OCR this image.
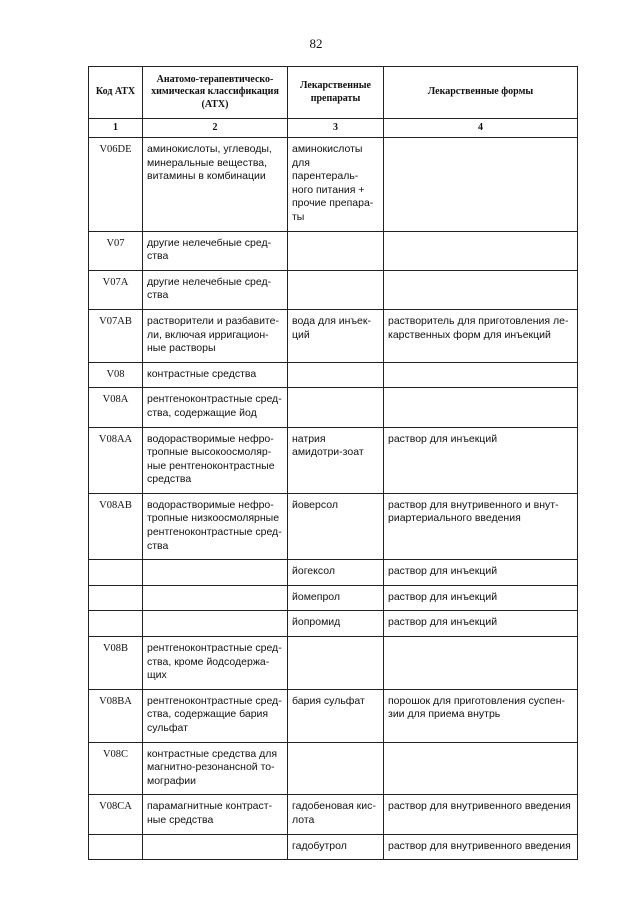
82
Код АТХ	Анатомо-терапевтическо-химическая классификация (АТХ)	Лекарственные препараты	Лекарственные формы
1	2	3	4
V06DE	аминокислоты, углеводы, минеральные вещества, витамины в комбинации	аминокислоты для парентераль-ного питания + прочие препара-ты	
V07	другие нелечебные сред-ства		
V07A	другие нелечебные сред-ства		
V07AB	растворители и разбавите-ли, включая ирригацион-ные растворы	вода для инъек-ций	растворитель для приготовления ле-карственных форм для инъекций
V08	контрастные средства		
V08A	рентгеноконтрастные сред-ства, содержащие йод		
V08AA	водорастворимые нефро-тропные высокоосмоляр-ные рентгеноконтрастные средства	натрия амидотри-зоат	раствор для инъекций
V08AB	водорастворимые нефро-тропные низкоосмолярные рентгеноконтрастные сред-ства	йоверсол	раствор для внутривенного и внут-риартериального введения
		йогексол	раствор для инъекций
		йомепрол	раствор для инъекций
		йопромид	раствор для инъекций
V08B	рентгеноконтрастные сред-ства, кроме йодсодержа-щих		
V08BA	рентгеноконтрастные сред-ства, содержащие бария сульфат	бария сульфат	порошок для приготовления суспен-зии для приема внутрь
V08C	контрастные средства для магнитно-резонансной то-мографии		
V08CA	парамагнитные контраст-ные средства	гадобеновая кис-лота	раствор для внутривенного введения
		гадобутрол	раствор для внутривенного введения
